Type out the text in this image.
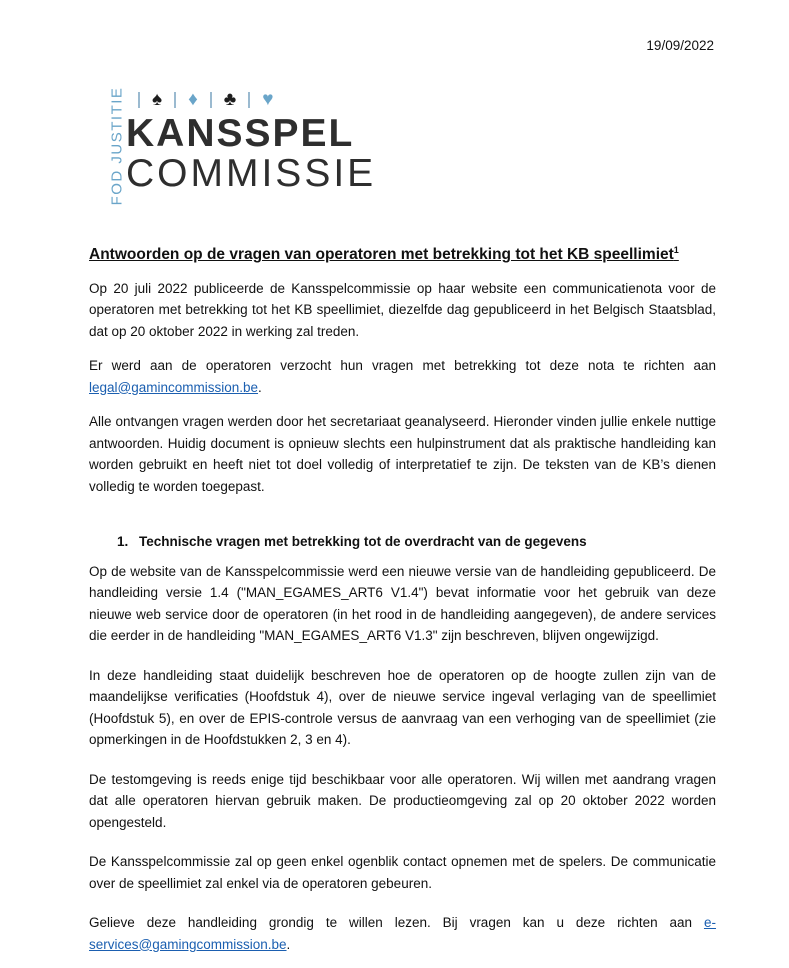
19/09/2022
FOD JUSTITIE ♠ ♦ ♣ ♥
KANSSPEL
COMMISSIE
Antwoorden op de vragen van operatoren met betrekking tot het KB speellimiet$^1$

Op 20 juli 2022 publiceerde de Kansspelcommissie op haar website een communicatienota voor de operatoren met betrekking tot het KB speellimiet, diezelfde dag gepubliceerd in het Belgisch Staatsblad, dat op 20 oktober 2022 in werking zal treden.

Er werd aan de operatoren verzocht hun vragen met betrekking tot deze nota te richten aan legal@gamincommission.be.

Alle ontvangen vragen werden door het secretariaat geanalyseerd. Hieronder vinden jullie enkele nuttige antwoorden. Huidig document is opnieuw slechts een hulpinstrument dat als praktische handleiding kan worden gebruikt en heeft niet tot doel volledig of interpretatief te zijn. De teksten van de KB’s dienen volledig te worden toegepast.

1. Technische vragen met betrekking tot de overdracht van de gegevens

Op de website van de Kansspelcommissie werd een nieuwe versie van de handleiding gepubliceerd. De handleiding versie 1.4 ("MAN_EGAMES_ART6 V1.4") bevat informatie voor het gebruik van deze nieuwe web service door de operatoren (in het rood in de handleiding aangegeven), de andere services die eerder in de handleiding "MAN_EGAMES_ART6 V1.3" zijn beschreven, blijven ongewijzigd.

In deze handleiding staat duidelijk beschreven hoe de operatoren op de hoogte zullen zijn van de maandelijkse verificaties (Hoofdstuk 4), over de nieuwe service ingeval verlaging van de speellimiet (Hoofdstuk 5), en over de EPIS-controle versus de aanvraag van een verhoging van de speellimiet (zie opmerkingen in de Hoofdstukken 2, 3 en 4).

De testomgeving is reeds enige tijd beschikbaar voor alle operatoren. Wij willen met aandrang vragen dat alle operatoren hiervan gebruik maken. De productieomgeving zal op 20 oktober 2022 worden opengesteld.

De Kansspelcommissie zal op geen enkel ogenblik contact opnemen met de spelers. De communicatie over de speellimiet zal enkel via de operatoren gebeuren.

Gelieve deze handleiding grondig te willen lezen. Bij vragen kan u deze richten aan e-services@gamingcommission.be.
